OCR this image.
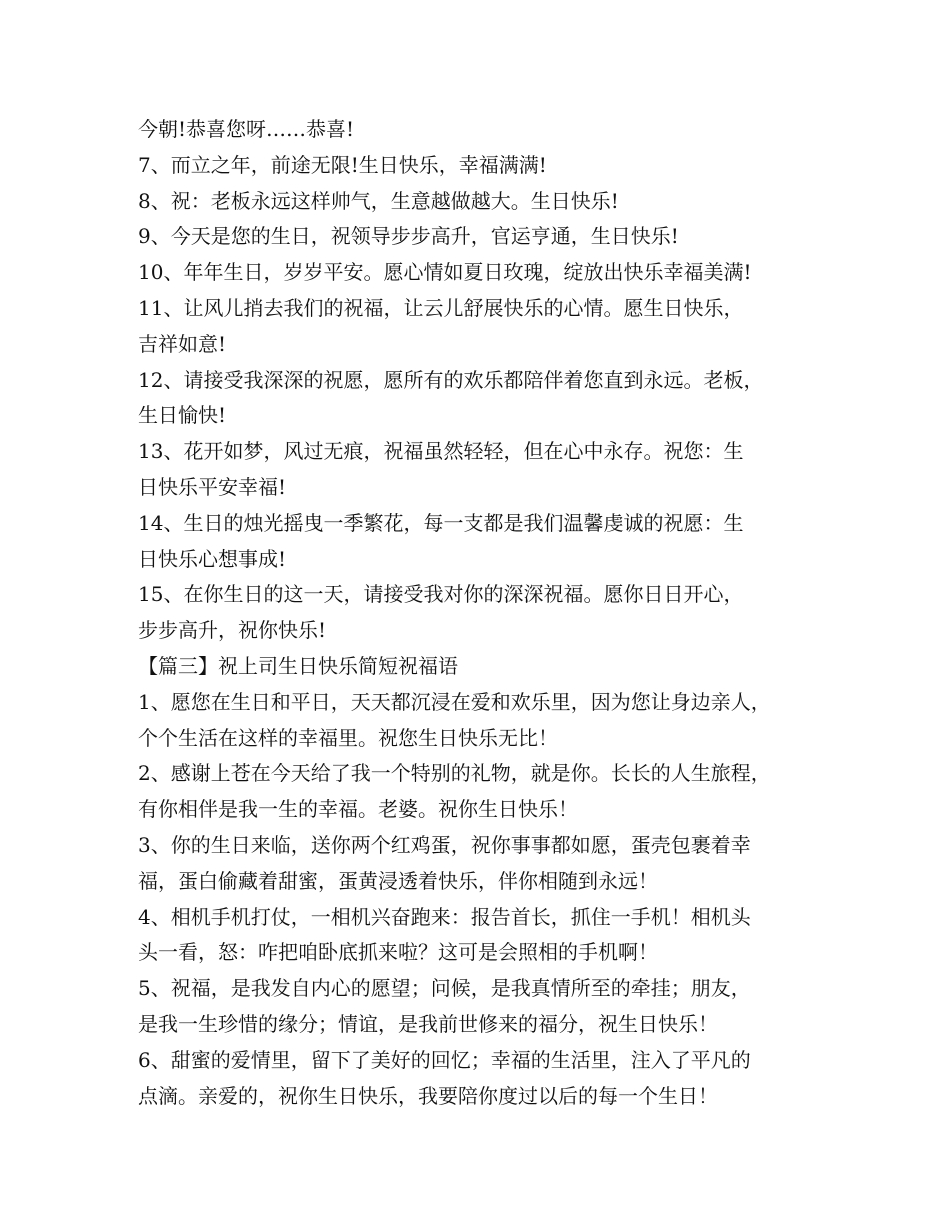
今朝!恭喜您呀……恭喜!
7、而立之年，前途无限!生日快乐，幸福满满!
8、祝：老板永远这样帅气，生意越做越大。生日快乐!
9、今天是您的生日，祝领导步步高升，官运亨通，生日快乐!
10、年年生日，岁岁平安。愿心情如夏日玫瑰，绽放出快乐幸福美满!
11、让风儿捎去我们的祝福，让云儿舒展快乐的心情。愿生日快乐，
吉祥如意!
12、请接受我深深的祝愿，愿所有的欢乐都陪伴着您直到永远。老板，
生日愉快!
13、花开如梦，风过无痕，祝福虽然轻轻，但在心中永存。祝您：生
日快乐平安幸福!
14、生日的烛光摇曳一季繁花，每一支都是我们温馨虔诚的祝愿：生
日快乐心想事成!
15、在你生日的这一天，请接受我对你的深深祝福。愿你日日开心，
步步高升，祝你快乐!
【篇三】祝上司生日快乐简短祝福语
1、愿您在生日和平日，天天都沉浸在爱和欢乐里，因为您让身边亲人，
个个生活在这样的幸福里。祝您生日快乐无比！
2、感谢上苍在今天给了我一个特别的礼物，就是你。长长的人生旅程，
有你相伴是我一生的幸福。老婆。祝你生日快乐！
3、你的生日来临，送你两个红鸡蛋，祝你事事都如愿，蛋壳包裹着幸
福，蛋白偷藏着甜蜜，蛋黄浸透着快乐，伴你相随到永远！
4、相机手机打仗，一相机兴奋跑来：报告首长，抓住一手机！相机头
头一看，怒：咋把咱卧底抓来啦？这可是会照相的手机啊！
5、祝福，是我发自内心的愿望；问候，是我真情所至的牵挂；朋友，
是我一生珍惜的缘分；情谊，是我前世修来的福分，祝生日快乐！
6、甜蜜的爱情里，留下了美好的回忆；幸福的生活里，注入了平凡的
点滴。亲爱的，祝你生日快乐，我要陪你度过以后的每一个生日！
